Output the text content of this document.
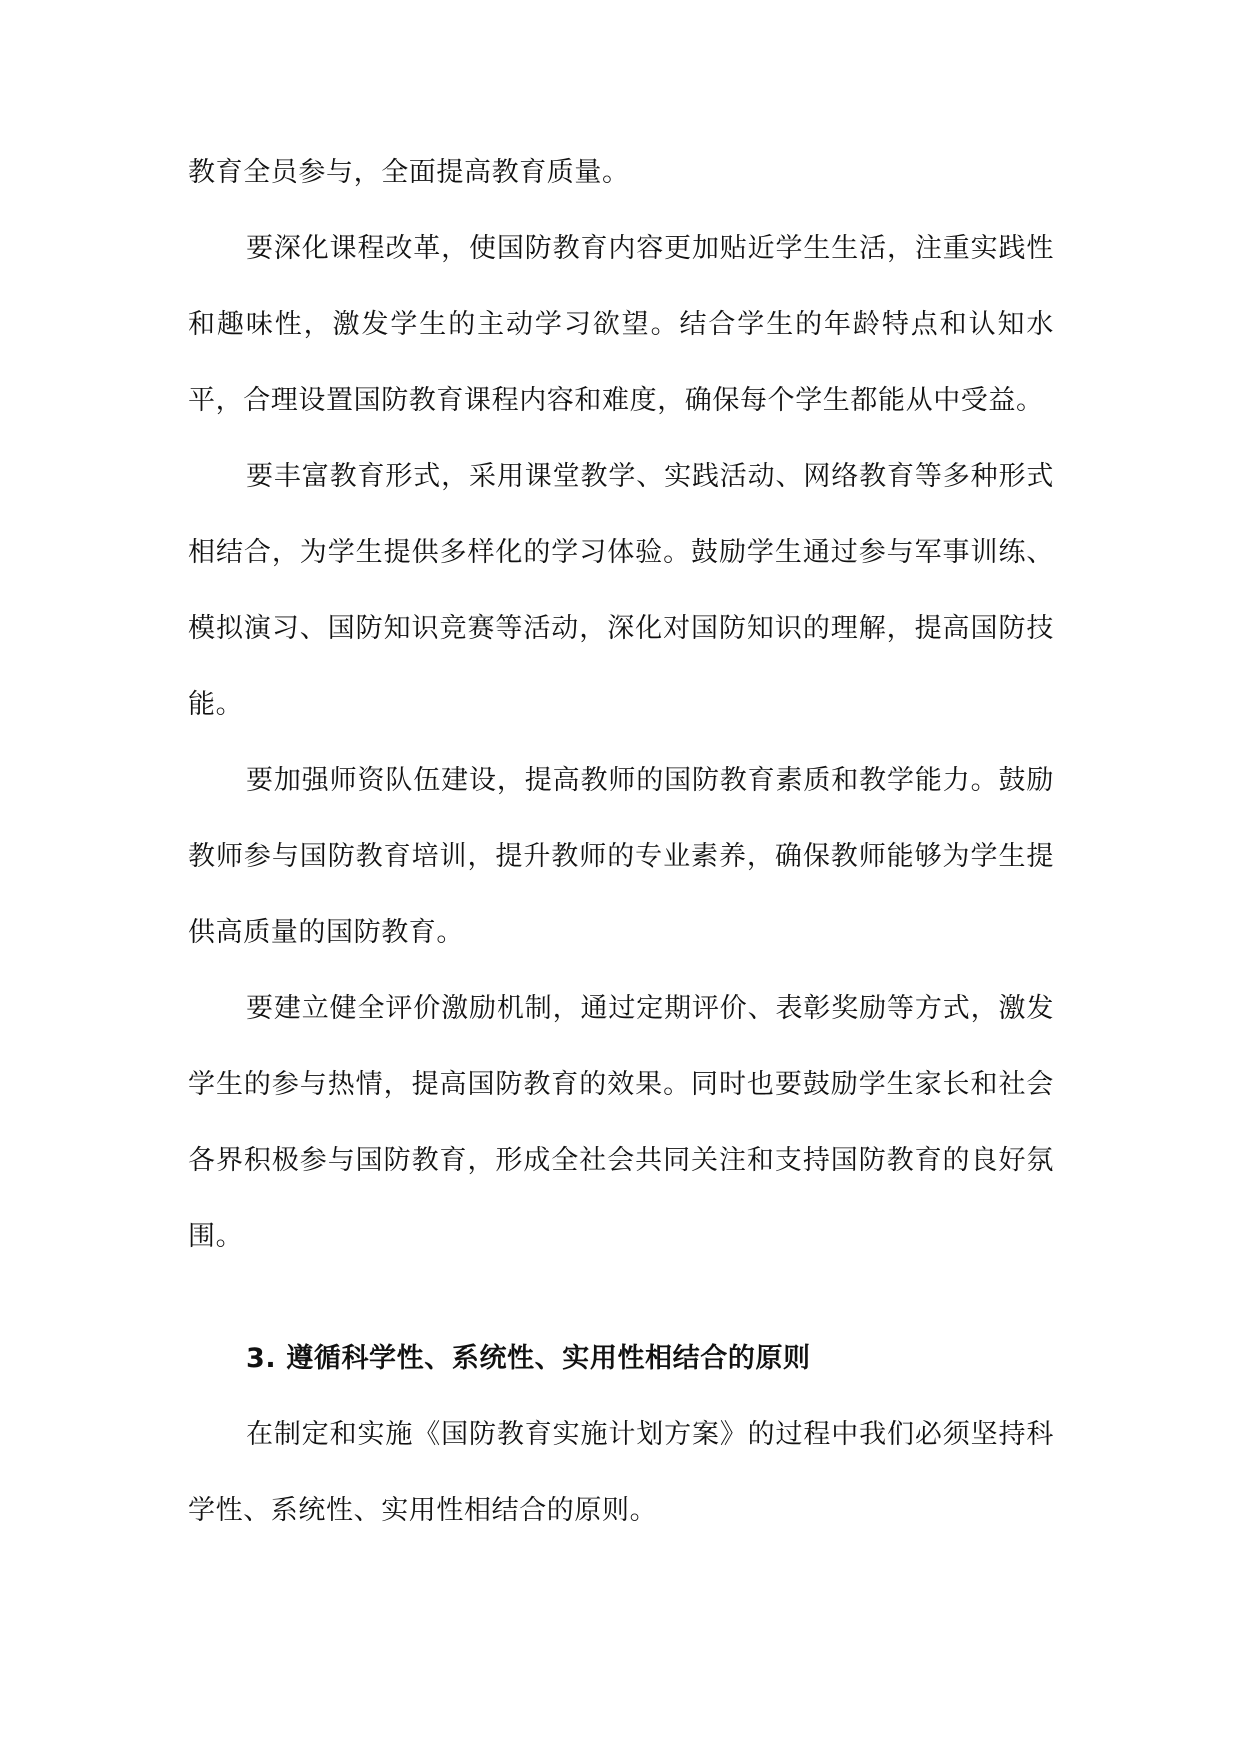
教育全员参与，全面提高教育质量。

要深化课程改革，使国防教育内容更加贴近学生生活，注重实践性和趣味性，激发学生的主动学习欲望。结合学生的年龄特点和认知水平，合理设置国防教育课程内容和难度，确保每个学生都能从中受益。

要丰富教育形式，采用课堂教学、实践活动、网络教育等多种形式相结合，为学生提供多样化的学习体验。鼓励学生通过参与军事训练、模拟演习、国防知识竞赛等活动，深化对国防知识的理解，提高国防技能。

要加强师资队伍建设，提高教师的国防教育素质和教学能力。鼓励教师参与国防教育培训，提升教师的专业素养，确保教师能够为学生提供高质量的国防教育。

要建立健全评价激励机制，通过定期评价、表彰奖励等方式，激发学生的参与热情，提高国防教育的效果。同时也要鼓励学生家长和社会各界积极参与国防教育，形成全社会共同关注和支持国防教育的良好氛围。

3. 遵循科学性、系统性、实用性相结合的原则

在制定和实施《国防教育实施计划方案》的过程中我们必须坚持科学性、系统性、实用性相结合的原则。
